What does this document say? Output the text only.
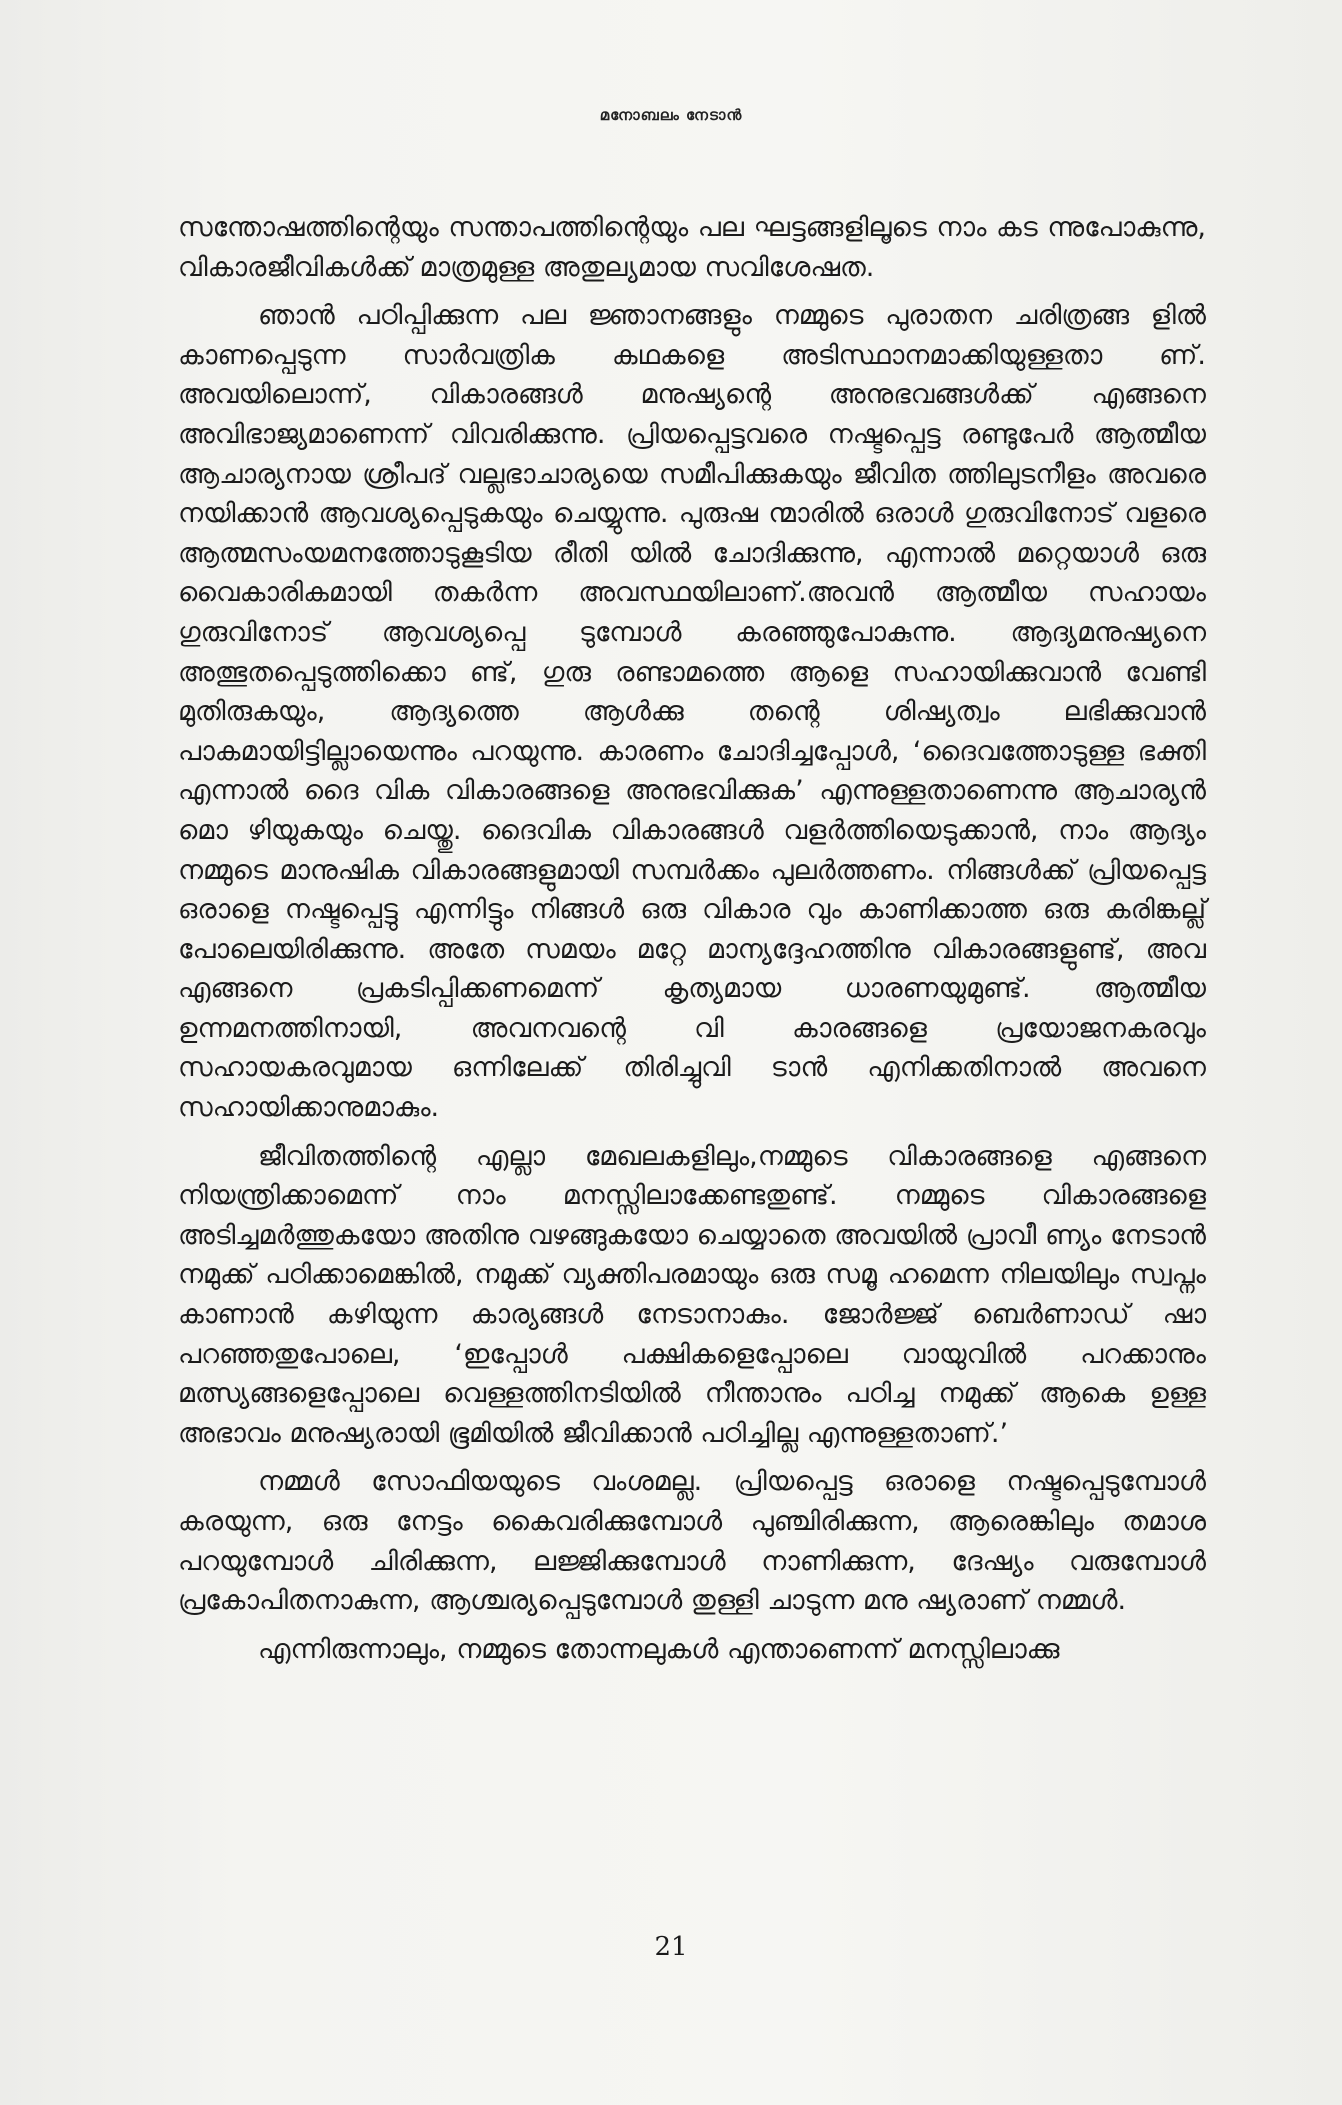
മനോബലം നേടാൻ

സന്തോഷത്തിന്റെയും സന്താപത്തിന്റെയും പല ഘട്ടങ്ങളിലൂടെ നാം കട ന്നുപോകുന്നു, വികാരജീവികൾക്ക് മാത്രമുള്ള അതുല്യമായ സവിശേഷത.

ഞാൻ പഠിപ്പിക്കുന്ന പല ജ്ഞാനങ്ങളും നമ്മുടെ പുരാതന ചരിത്രങ്ങ ളിൽ കാണപ്പെടുന്ന സാർവത്രിക കഥകളെ അടിസ്ഥാനമാക്കിയുള്ളതാ ണ്. അവയിലൊന്ന്, വികാരങ്ങൾ മനുഷ്യന്റെ അനുഭവങ്ങൾക്ക് എങ്ങനെ അവിഭാജ്യമാണെന്ന് വിവരിക്കുന്നു. പ്രിയപ്പെട്ടവരെ നഷ്ടപ്പെട്ട രണ്ടുപേർ ആത്മീയ ആചാര്യനായ ശ്രീപദ് വല്ലഭാചാര്യയെ സമീപിക്കുകയും ജീവിത ത്തിലുടനീളം അവരെ നയിക്കാൻ ആവശ്യപ്പെടുകയും ചെയ്യുന്നു. പുരുഷ ന്മാരിൽ ഒരാൾ ഗുരുവിനോട് വളരെ ആത്മസംയമനത്തോടുകൂടിയ രീതി യിൽ ചോദിക്കുന്നു, എന്നാൽ മറ്റെയാൾ ഒരു വൈകാരികമായി തകർന്ന അവസ്ഥയിലാണ്.അവൻ ആത്മീയ സഹായം ഗുരുവിനോട് ആവശ്യപ്പെ ടുമ്പോൾ കരഞ്ഞുപോകുന്നു. ആദ്യമനുഷ്യനെ അത്ഭുതപ്പെടുത്തിക്കൊ ണ്ട്, ഗുരു രണ്ടാമത്തെ ആളെ സഹായിക്കുവാൻ വേണ്ടി മുതിരുകയും, ആദ്യത്തെ ആൾക്കു തന്റെ ശിഷ്യത്വം ലഭിക്കുവാൻ പാകമായിട്ടില്ലായെന്നും പറയുന്നു. കാരണം ചോദിച്ചപ്പോൾ, ‘ദൈവത്തോടുള്ള ഭക്തി എന്നാൽ ദൈ വിക വികാരങ്ങളെ അനുഭവിക്കുക’ എന്നുള്ളതാണെന്നു ആചാര്യൻ മൊ ഴിയുകയും ചെയ്തു. ദൈവിക വികാരങ്ങൾ വളർത്തിയെടുക്കാൻ, നാം ആദ്യം നമ്മുടെ മാനുഷിക വികാരങ്ങളുമായി സമ്പർക്കം പുലർത്തണം. നിങ്ങൾക്ക് പ്രിയപ്പെട്ട ഒരാളെ നഷ്ടപ്പെട്ടു എന്നിട്ടും നിങ്ങൾ ഒരു വികാര വും കാണിക്കാത്ത ഒരു കരിങ്കല്ല് പോലെയിരിക്കുന്നു. അതേ സമയം മറ്റേ മാന്യദ്ദേഹത്തിനു വികാരങ്ങളുണ്ട്, അവ എങ്ങനെ പ്രകടിപ്പിക്കണമെന്ന് കൃത്യമായ ധാരണയുമുണ്ട്. ആത്മീയ ഉന്നമനത്തിനായി, അവനവന്റെ വി കാരങ്ങളെ പ്രയോജനകരവും സഹായകരവുമായ ഒന്നിലേക്ക് തിരിച്ചുവി ടാൻ എനിക്കതിനാൽ അവനെ സഹായിക്കാനുമാകും.

ജീവിതത്തിന്റെ എല്ലാ മേഖലകളിലും,നമ്മുടെ വികാരങ്ങളെ എങ്ങനെ നിയന്ത്രിക്കാമെന്ന് നാം മനസ്സിലാക്കേണ്ടതുണ്ട്. നമ്മുടെ വികാരങ്ങളെ അടിച്ചമർത്തുകയോ അതിനു വഴങ്ങുകയോ ചെയ്യാതെ അവയിൽ പ്രാവീ ണ്യം നേടാൻ നമുക്ക് പഠിക്കാമെങ്കിൽ, നമുക്ക് വ്യക്തിപരമായും ഒരു സമൂ ഹമെന്ന നിലയിലും സ്വപ്നം കാണാൻ കഴിയുന്ന കാര്യങ്ങൾ നേടാനാകും. ജോർജ്ജ് ബെർണാഡ് ഷാ പറഞ്ഞതുപോലെ, ‘ഇപ്പോൾ പക്ഷികളെപ്പോലെ വായുവിൽ പറക്കാനും മത്സ്യങ്ങളെപ്പോലെ വെള്ളത്തിനടിയിൽ നീന്താനും പഠിച്ച നമുക്ക് ആകെ ഉള്ള അഭാവം മനുഷ്യരായി ഭൂമിയിൽ ജീവിക്കാൻ പഠിച്ചില്ല എന്നുള്ളതാണ്.’

നമ്മൾ സോഫിയയുടെ വംശമല്ല. പ്രിയപ്പെട്ട ഒരാളെ നഷ്ടപ്പെടുമ്പോൾ കരയുന്ന, ഒരു നേട്ടം കൈവരിക്കുമ്പോൾ പുഞ്ചിരിക്കുന്ന, ആരെങ്കിലും തമാശ പറയുമ്പോൾ ചിരിക്കുന്ന, ലജ്ജിക്കുമ്പോൾ നാണിക്കുന്ന, ദേഷ്യം വരുമ്പോൾ പ്രകോപിതനാകുന്ന, ആശ്ചര്യപ്പെടുമ്പോൾ തുള്ളി ചാടുന്ന മനു ഷ്യരാണ് നമ്മൾ.

എന്നിരുന്നാലും, നമ്മുടെ തോന്നലുകൾ എന്താണെന്ന് മനസ്സിലാക്കു

21
